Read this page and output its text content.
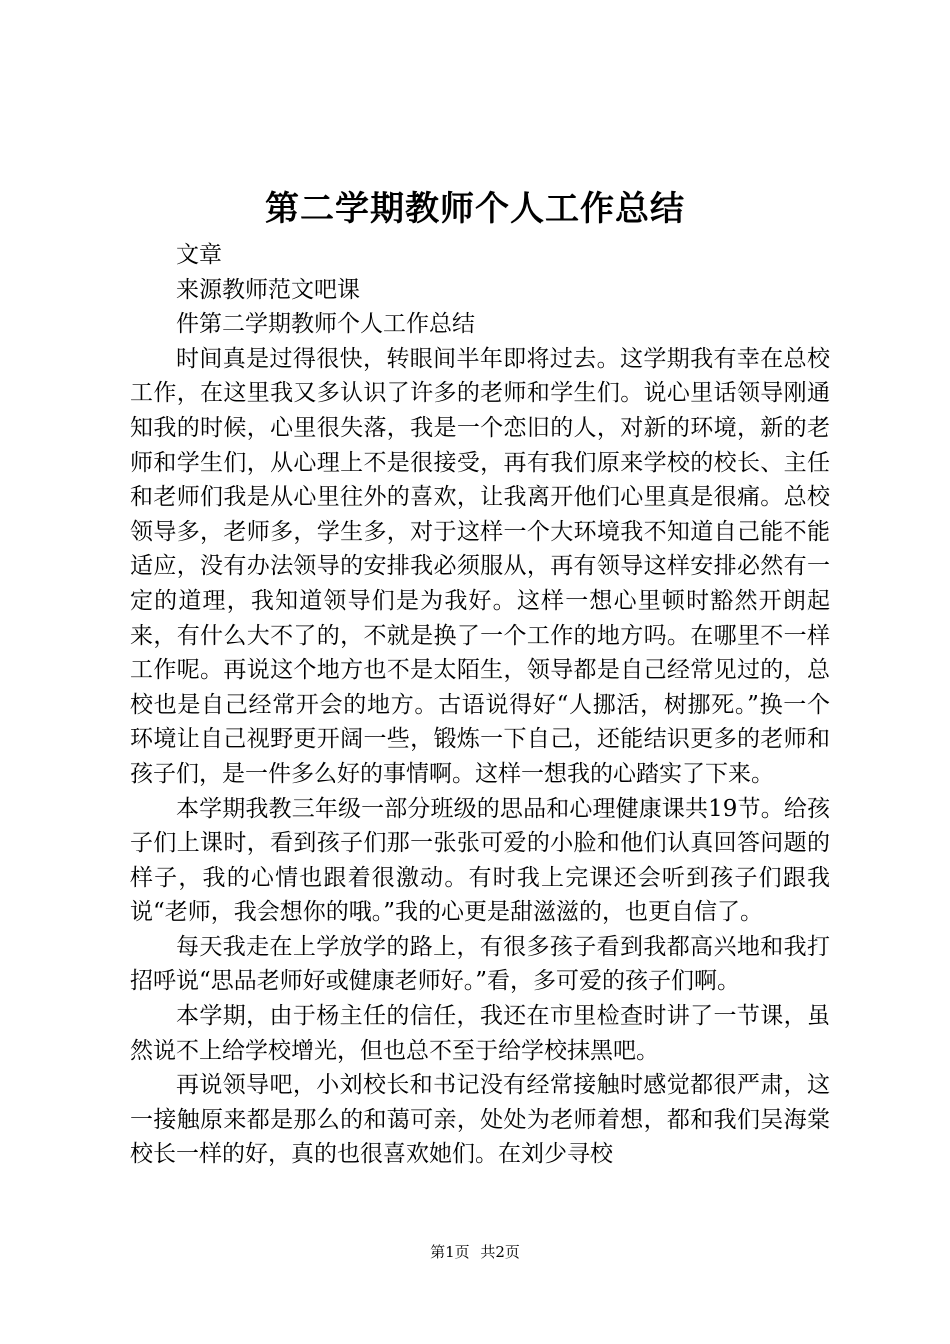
第二学期教师个人工作总结

文章

来源教师范文吧课

件第二学期教师个人工作总结

时间真是过得很快，转眼间半年即将过去。这学期我有幸在总校工作，在这里我又多认识了许多的老师和学生们。说心里话领导刚通知我的时候，心里很失落，我是一个恋旧的人，对新的环境，新的老师和学生们，从心理上不是很接受，再有我们原来学校的校长、主任和老师们我是从心里往外的喜欢，让我离开他们心里真是很痛。总校领导多，老师多，学生多，对于这样一个大环境我不知道自己能不能适应，没有办法领导的安排我必须服从，再有领导这样安排必然有一定的道理，我知道领导们是为我好。这样一想心里顿时豁然开朗起来，有什么大不了的，不就是换了一个工作的地方吗。在哪里不一样工作呢。再说这个地方也不是太陌生，领导都是自己经常见过的，总校也是自己经常开会的地方。古语说得好“人挪活，树挪死。”换一个环境让自己视野更开阔一些，锻炼一下自己，还能结识更多的老师和孩子们，是一件多么好的事情啊。这样一想我的心踏实了下来。

本学期我教三年级一部分班级的思品和心理健康课共19节。给孩子们上课时，看到孩子们那一张张可爱的小脸和他们认真回答问题的样子，我的心情也跟着很激动。有时我上完课还会听到孩子们跟我说“老师，我会想你的哦。”我的心更是甜滋滋的，也更自信了。

每天我走在上学放学的路上，有很多孩子看到我都高兴地和我打招呼说“思品老师好或健康老师好。”看，多可爱的孩子们啊。

本学期，由于杨主任的信任，我还在市里检查时讲了一节课，虽然说不上给学校增光，但也总不至于给学校抹黑吧。

再说领导吧，小刘校长和书记没有经常接触时感觉都很严肃，这一接触原来都是那么的和蔼可亲，处处为老师着想，都和我们吴海棠校长一样的好，真的也很喜欢她们。在刘少寻校

第1页 共2页
